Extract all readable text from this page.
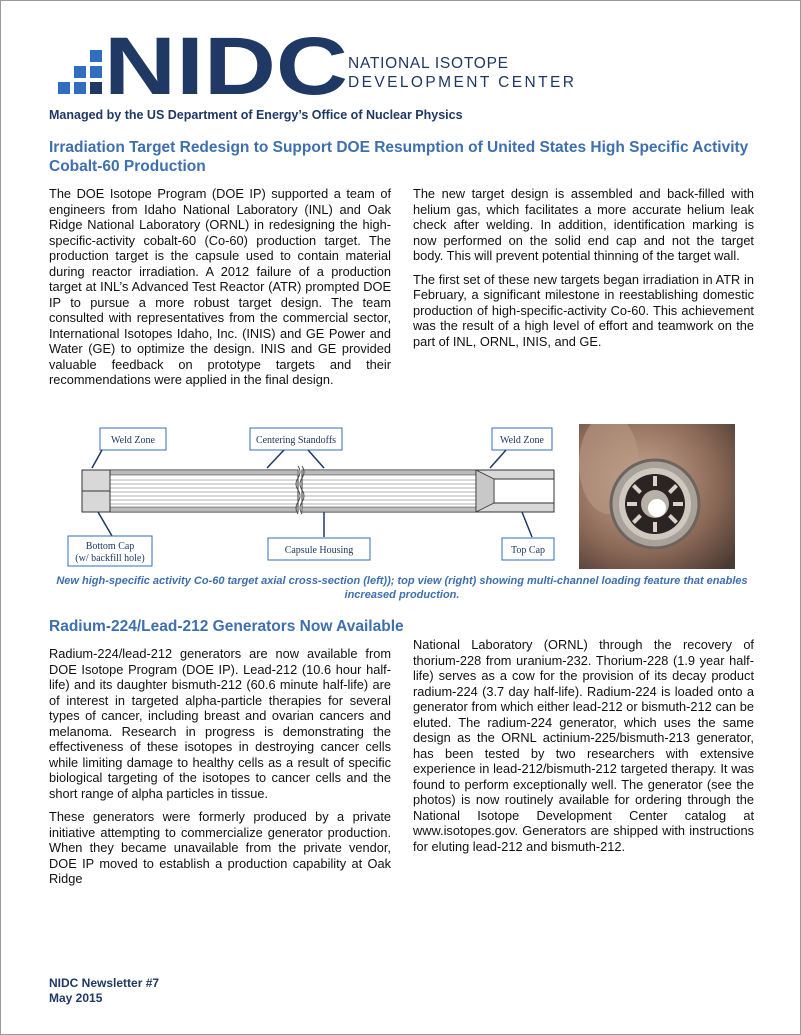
NIDC NATIONAL ISOTOPE
DEVELOPMENT CENTER
Managed by the US Department of Energy’s Office of Nuclear Physics
Irradiation Target Redesign to Support DOE Resumption of United States High Specific Activity Cobalt-60 Production

The DOE Isotope Program (DOE IP) supported a team of engineers from Idaho National Laboratory (INL) and Oak Ridge National Laboratory (ORNL) in redesigning the high-specific-activity cobalt-60 (Co-60) production target. The production target is the capsule used to contain material during reactor irradiation. A 2012 failure of a production target at INL’s Advanced Test Reactor (ATR) prompted DOE IP to pursue a more robust target design. The team consulted with representatives from the commercial sector, International Isotopes Idaho, Inc. (INIS) and GE Power and Water (GE) to optimize the design. INIS and GE provided valuable feedback on prototype targets and their recommendations were applied in the final design.

The new target design is assembled and back-filled with helium gas, which facilitates a more accurate helium leak check after welding. In addition, identification marking is now performed on the solid end cap and not the target body. This will prevent potential thinning of the target wall.

The first set of these new targets began irradiation in ATR in February, a significant milestone in reestablishing domestic production of high-specific-activity Co-60. This achievement was the result of a high level of effort and teamwork on the part of INL, ORNL, INIS, and GE.

Weld Zone	Centering Standoffs	Weld Zone
Bottom Cap
(w/ backfill hole)
Capsule Housing	Top Cap
New high-specific activity Co-60 target axial cross-section (left)); top view (right) showing multi-channel loading feature that enables increased production.
Radium-224/Lead-212 Generators Now Available

Radium-224/lead-212 generators are now available from DOE Isotope Program (DOE IP). Lead-212 (10.6 hour half-life) and its daughter bismuth-212 (60.6 minute half-life) are of interest in targeted alpha-particle therapies for several types of cancer, including breast and ovarian cancers and melanoma. Research in progress is demonstrating the effectiveness of these isotopes in destroying cancer cells while limiting damage to healthy cells as a result of specific biological targeting of the isotopes to cancer cells and the short range of alpha particles in tissue.

These generators were formerly produced by a private initiative attempting to commercialize generator production. When they became unavailable from the private vendor, DOE IP moved to establish a production capability at Oak Ridge

National Laboratory (ORNL) through the recovery of thorium-228 from uranium-232. Thorium-228 (1.9 year half-life) serves as a cow for the provision of its decay product radium-224 (3.7 day half-life). Radium-224 is loaded onto a generator from which either lead-212 or bismuth-212 can be eluted. The radium-224 generator, which uses the same design as the ORNL actinium-225/bismuth-213 generator, has been tested by two researchers with extensive experience in lead-212/bismuth-212 targeted therapy. It was found to perform exceptionally well. The generator (see the photos) is now routinely available for ordering through the National Isotope Development Center catalog at www.isotopes.gov. Generators are shipped with instructions for eluting lead-212 and bismuth-212.

NIDC Newsletter #7
May 2015
